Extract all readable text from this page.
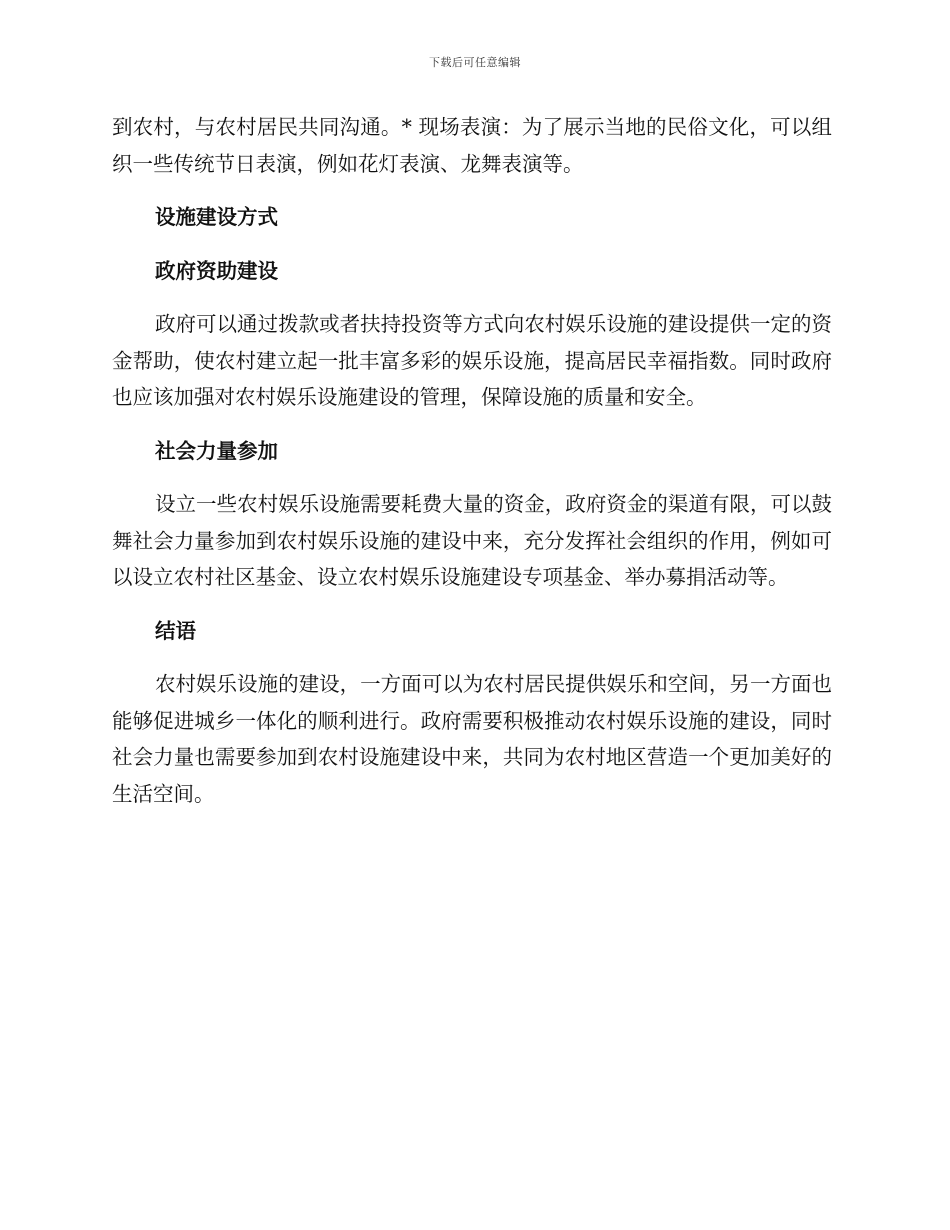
下载后可任意编辑

到农村，与农村居民共同沟通。* 现场表演：为了展示当地的民俗文化，可以组织一些传统节日表演，例如花灯表演、龙舞表演等。

设施建设方式
政府资助建设

政府可以通过拨款或者扶持投资等方式向农村娱乐设施的建设提供一定的资金帮助，使农村建立起一批丰富多彩的娱乐设施，提高居民幸福指数。同时政府也应该加强对农村娱乐设施建设的管理，保障设施的质量和安全。

社会力量参加

设立一些农村娱乐设施需要耗费大量的资金，政府资金的渠道有限，可以鼓舞社会力量参加到农村娱乐设施的建设中来，充分发挥社会组织的作用，例如可以设立农村社区基金、设立农村娱乐设施建设专项基金、举办募捐活动等。

结语

农村娱乐设施的建设，一方面可以为农村居民提供娱乐和空间，另一方面也能够促进城乡一体化的顺利进行。政府需要积极推动农村娱乐设施的建设，同时社会力量也需要参加到农村设施建设中来，共同为农村地区营造一个更加美好的生活空间。
